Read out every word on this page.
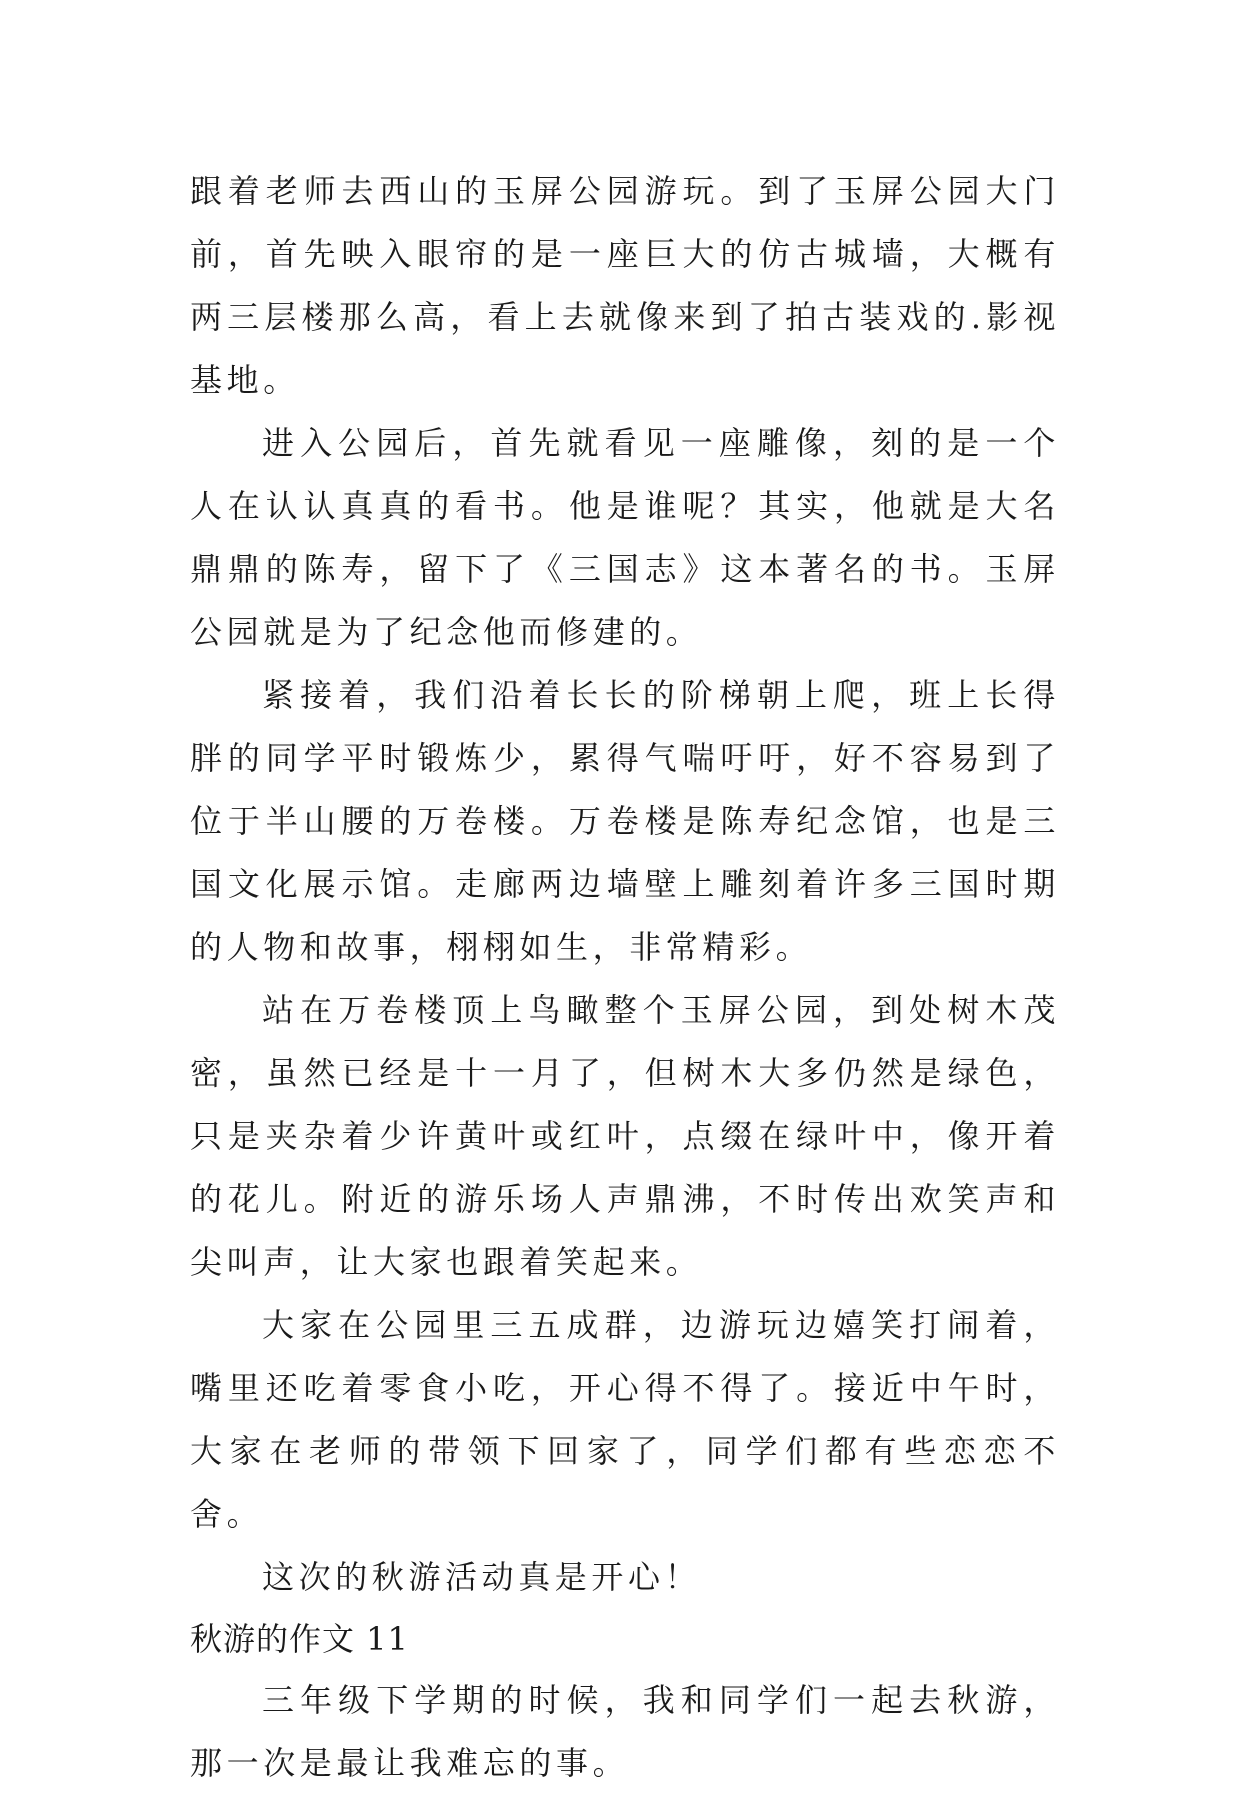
跟着老师去西山的玉屏公园游玩。到了玉屏公园大门前，首先映入眼帘的是一座巨大的仿古城墙，大概有两三层楼那么高，看上去就像来到了拍古装戏的.影视基地。

进入公园后，首先就看见一座雕像，刻的是一个人在认认真真的看书。他是谁呢？其实，他就是大名鼎鼎的陈寿，留下了《三国志》这本著名的书。玉屏公园就是为了纪念他而修建的。

紧接着，我们沿着长长的阶梯朝上爬，班上长得胖的同学平时锻炼少，累得气喘吁吁，好不容易到了位于半山腰的万卷楼。万卷楼是陈寿纪念馆，也是三国文化展示馆。走廊两边墙壁上雕刻着许多三国时期的人物和故事，栩栩如生，非常精彩。

站在万卷楼顶上鸟瞰整个玉屏公园，到处树木茂密，虽然已经是十一月了，但树木大多仍然是绿色，只是夹杂着少许黄叶或红叶，点缀在绿叶中，像开着的花儿。附近的游乐场人声鼎沸，不时传出欢笑声和尖叫声，让大家也跟着笑起来。

大家在公园里三五成群，边游玩边嬉笑打闹着，嘴里还吃着零食小吃，开心得不得了。接近中午时，大家在老师的带领下回家了，同学们都有些恋恋不舍。

这次的秋游活动真是开心！

秋游的作文 11

三年级下学期的时候，我和同学们一起去秋游，那一次是最让我难忘的事。
